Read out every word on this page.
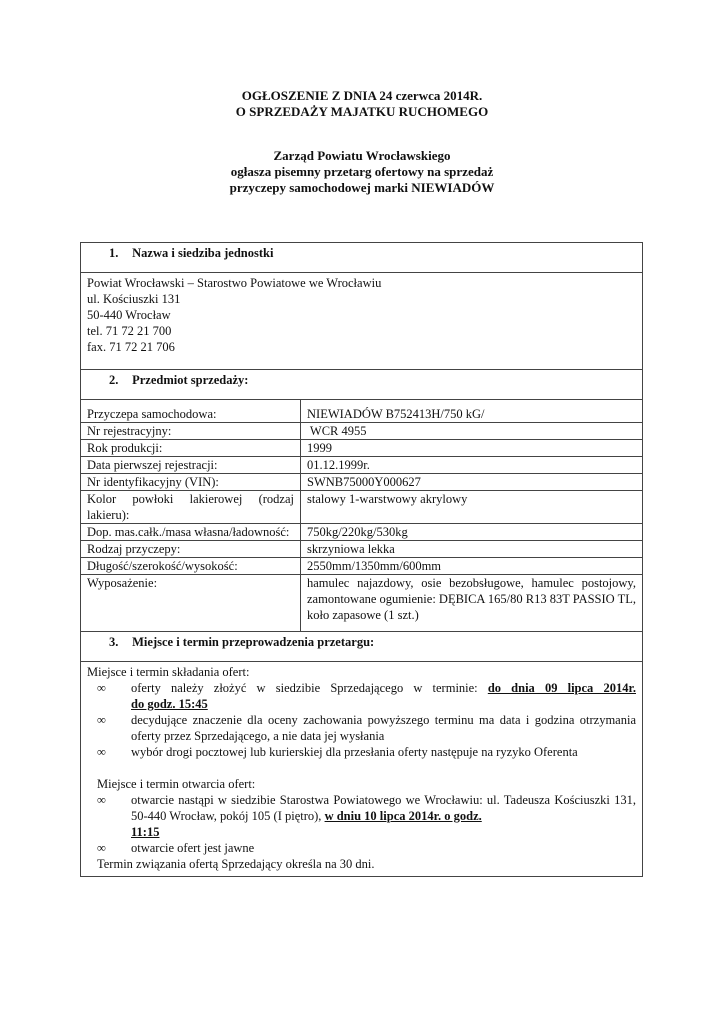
OGŁOSZENIE Z DNIA 24 czerwca 2014R.
O SPRZEDAŻY MAJATKU RUCHOMEGO
Zarząd Powiatu Wrocławskiego
ogłasza pisemny przetarg ofertowy na sprzedaż
przyczepy samochodowej marki NIEWIADÓW
1. Nazwa i siedziba jednostki
Powiat Wrocławski – Starostwo Powiatowe we Wrocławiu
ul. Kościuszki 131
50-440 Wrocław
tel. 71 72 21 700
fax. 71 72 21 706
2. Przedmiot sprzedaży:
Przyczepa samochodowa:	NIEWIADÓW B752413H/750 kG/
Nr rejestracyjny:	WCR 4955
Rok produkcji:	1999
Data pierwszej rejestracji:	01.12.1999r.
Nr identyfikacyjny (VIN):	SWNB75000Y000627
Kolor powłoki lakierowej (rodzaj lakieru):	stalowy 1-warstwowy akrylowy
Dop. mas.całk./masa własna/ładowność:	750kg/220kg/530kg
Rodzaj przyczepy:	skrzyniowa lekka
Długość/szerokość/wysokość:	2550mm/1350mm/600mm
Wyposażenie:	hamulec najazdowy, osie bezobsługowe, hamulec postojowy, zamontowane ogumienie: DĘBICA 165/80 R13 83T PASSIO TL, koło zapasowe (1 szt.)
3. Miejsce i termin przeprowadzenia przetargu:
Miejsce i termin składania ofert:
∞ oferty należy złożyć w siedzibie Sprzedającego w terminie: do dnia 09 lipca 2014r.
do godz. 15:45
∞ decydujące znaczenie dla oceny zachowania powyższego terminu ma data i godzina otrzymania oferty przez Sprzedającego, a nie data jej wysłania
∞ wybór drogi pocztowej lub kurierskiej dla przesłania oferty następuje na ryzyko Oferenta
Miejsce i termin otwarcia ofert:
∞ otwarcie nastąpi w siedzibie Starostwa Powiatowego we Wrocławiu: ul. Tadeusza Kościuszki 131, 50-440 Wrocław, pokój 105 (I piętro), w dniu 10 lipca 2014r. o godz.
11:15
∞ otwarcie ofert jest jawne
Termin związania ofertą Sprzedający określa na 30 dni.
